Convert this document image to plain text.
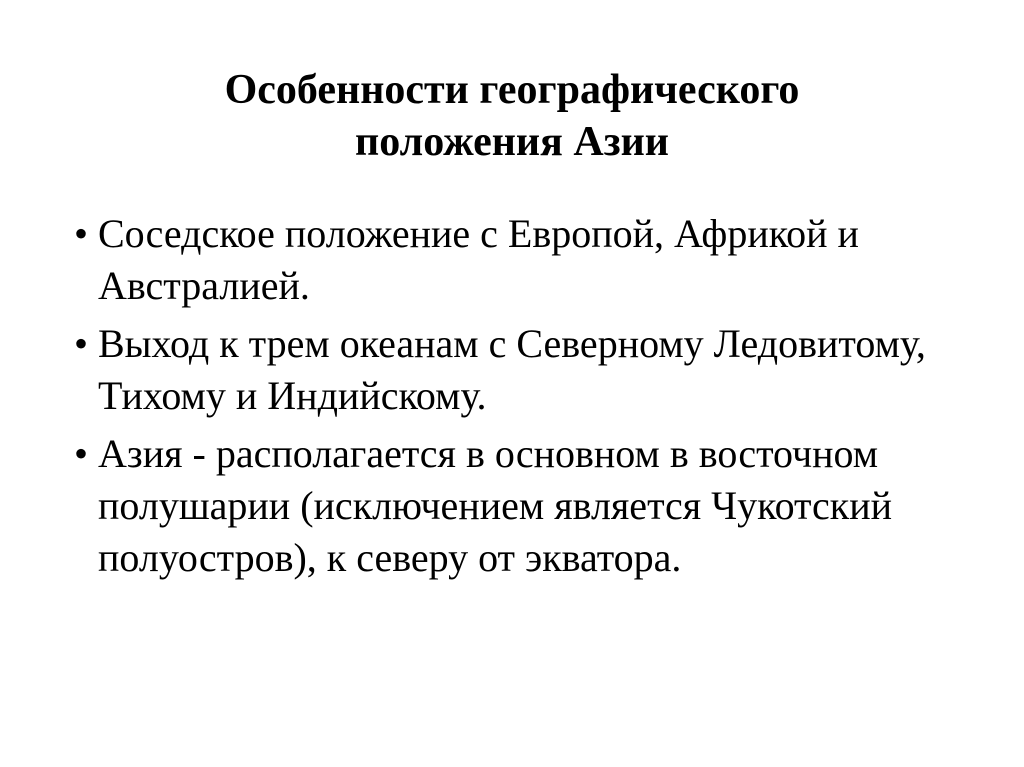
Особенности географического
положения Азии
• Соседское положение с Европой, Африкой и Австралией.
• Выход к трем океанам с Северному Ледовитому, Тихому и Индийскому.
• Азия - располагается в основном в восточном полушарии (исключением является Чукотский полуостров), к северу от экватора.
